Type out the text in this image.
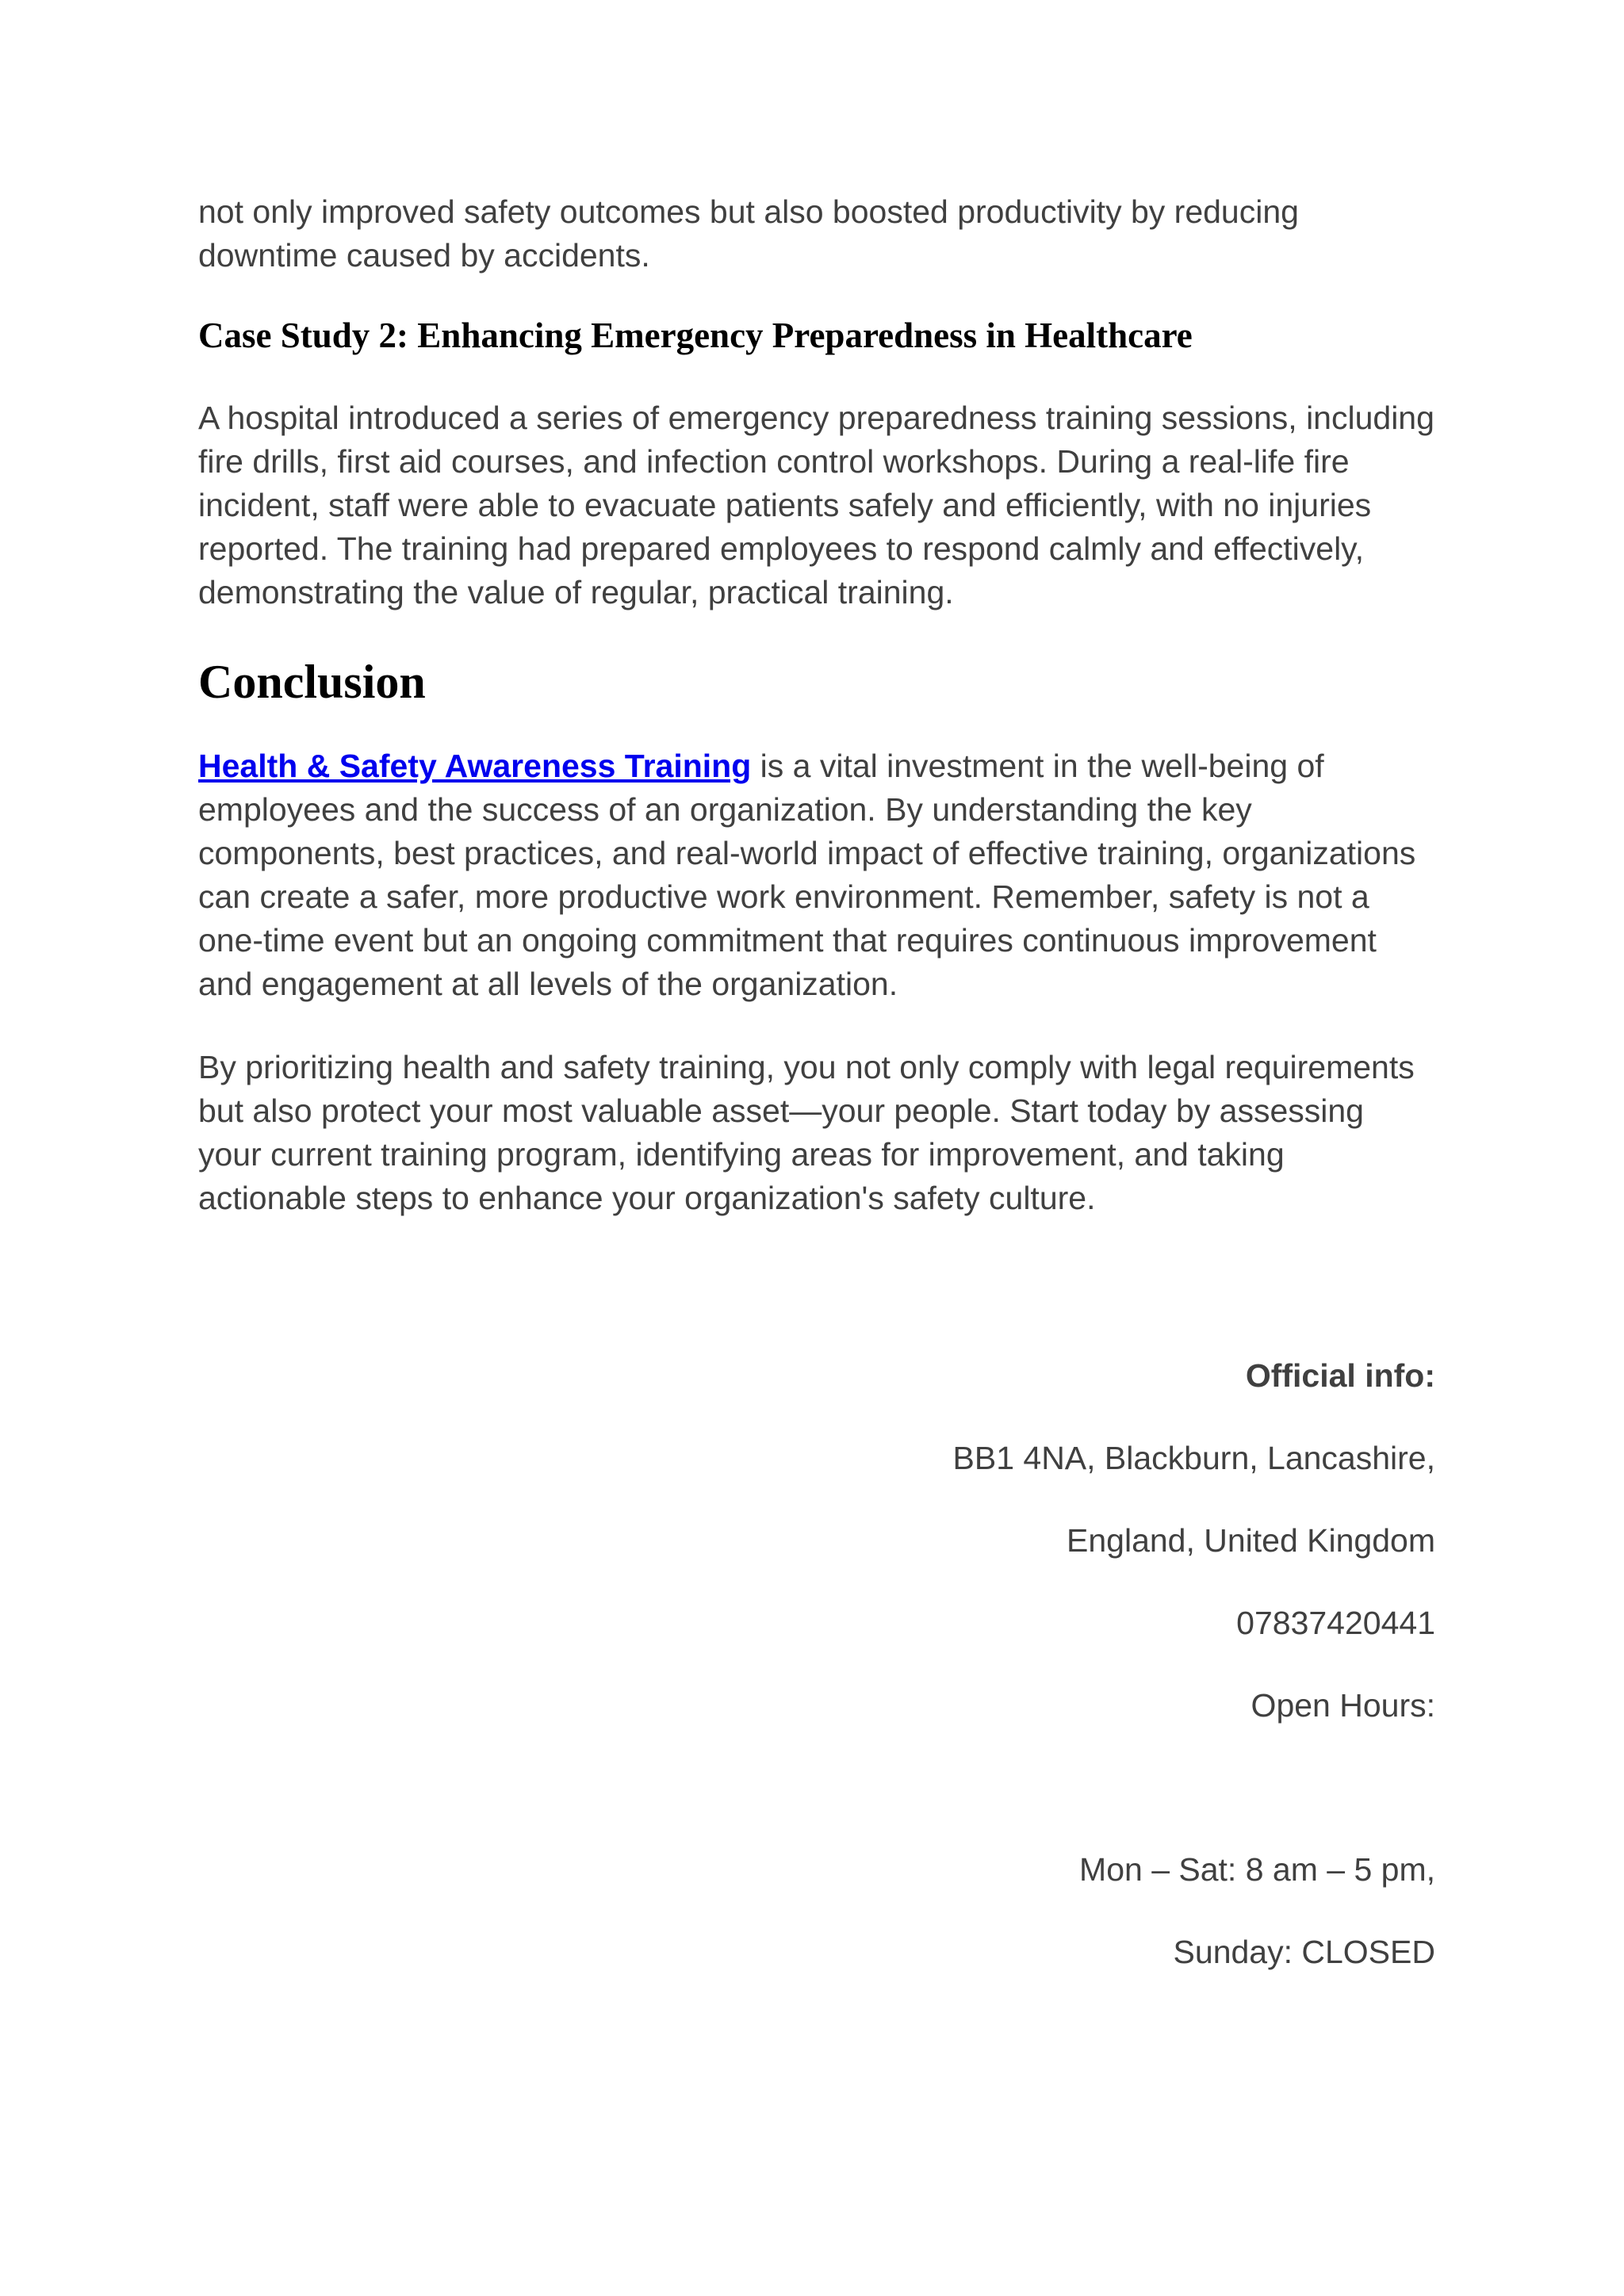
not only improved safety outcomes but also boosted productivity by reducing downtime caused by accidents.

Case Study 2: Enhancing Emergency Preparedness in Healthcare

A hospital introduced a series of emergency preparedness training sessions, including fire drills, first aid courses, and infection control workshops. During a real-life fire incident, staff were able to evacuate patients safely and efficiently, with no injuries reported. The training had prepared employees to respond calmly and effectively, demonstrating the value of regular, practical training.

Conclusion

Health & Safety Awareness Training is a vital investment in the well-being of employees and the success of an organization. By understanding the key components, best practices, and real-world impact of effective training, organizations can create a safer, more productive work environment. Remember, safety is not a one-time event but an ongoing commitment that requires continuous improvement and engagement at all levels of the organization.

By prioritizing health and safety training, you not only comply with legal requirements but also protect your most valuable asset—your people. Start today by assessing your current training program, identifying areas for improvement, and taking actionable steps to enhance your organization's safety culture.

Official info:

BB1 4NA, Blackburn, Lancashire,

England, United Kingdom

07837420441

Open Hours:

Mon – Sat: 8 am – 5 pm,

Sunday: CLOSED
